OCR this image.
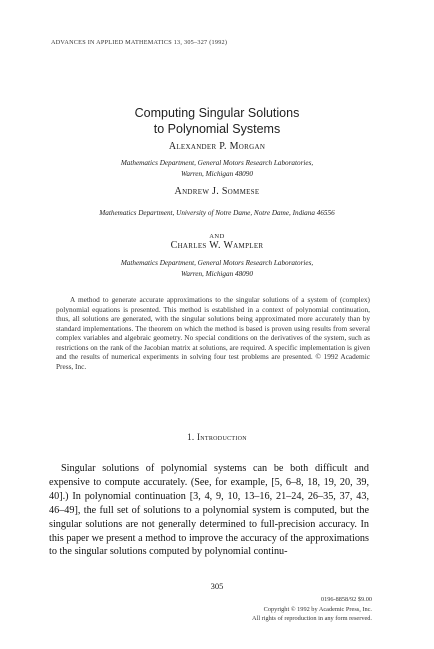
ADVANCES IN APPLIED MATHEMATICS 13, 305–327 (1992)
Computing Singular Solutions
to Polynomial Systems
Alexander P. Morgan
Mathematics Department, General Motors Research Laboratories,
Warren, Michigan 48090
Andrew J. Sommese
Mathematics Department, University of Notre Dame, Notre Dame, Indiana 46556
AND
Charles W. Wampler
Mathematics Department, General Motors Research Laboratories,
Warren, Michigan 48090

A method to generate accurate approximations to the singular solutions of a system of (complex) polynomial equations is presented. This method is established in a context of polynomial continuation, thus, all solutions are generated, with the singular solutions being approximated more accurately than by standard implementations. The theorem on which the method is based is proven using results from several complex variables and algebraic geometry. No special conditions on the derivatives of the system, such as restrictions on the rank of the Jacobian matrix at solutions, are required. A specific implementation is given and the results of numerical experiments in solving four test problems are presented. © 1992 Academic Press, Inc.

1. Introduction

Singular solutions of polynomial systems can be both difficult and expensive to compute accurately. (See, for example, [5, 6–8, 18, 19, 20, 39, 40].) In polynomial continuation [3, 4, 9, 10, 13–16, 21–24, 26–35, 37, 43, 46–49], the full set of solutions to a polynomial system is computed, but the singular solutions are not generally determined to full-precision accuracy. In this paper we present a method to improve the accuracy of the approximations to the singular solutions computed by polynomial continu-

305
0196-8858/92 $9.00
Copyright © 1992 by Academic Press, Inc.
All rights of reproduction in any form reserved.
